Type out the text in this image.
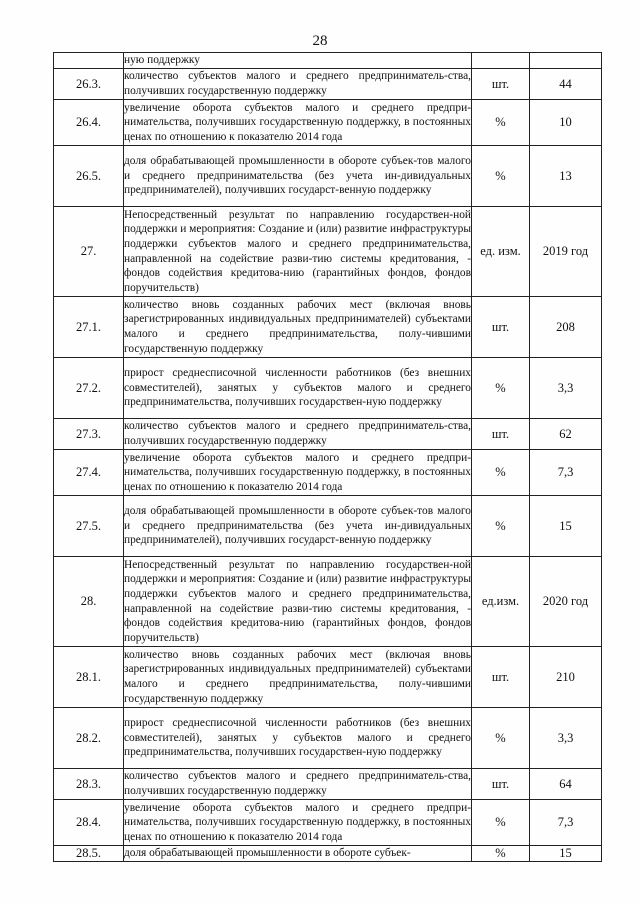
28
	ную поддержку		
26.3.	количество субъектов малого и среднего предприниматель-ства, получивших государственную поддержку	шт.	44
26.4.	увеличение оборота субъектов малого и среднего предпри-нимательства, получивших государственную поддержку, в постоянных ценах по отношению к показателю 2014 года	%	10
26.5.	доля обрабатывающей промышленности в обороте субъек-тов малого и среднего предпринимательства (без учета ин-дивидуальных предпринимателей), получивших государст-венную поддержку	%	13
27.	Непосредственный результат по направлению государствен-ной поддержки и мероприятия: Создание и (или) развитие инфраструктуры поддержки субъектов малого и среднего предпринимательства, направленной на содействие разви-тию системы кредитования, - фондов содействия кредитова-нию (гарантийных фондов, фондов поручительств)	ед. изм.	2019 год
27.1.	количество вновь созданных рабочих мест (включая вновь зарегистрированных индивидуальных предпринимателей) субъектами малого и среднего предпринимательства, полу-чившими государственную поддержку	шт.	208
27.2.	прирост среднесписочной численности работников (без внешних совместителей), занятых у субъектов малого и среднего предпринимательства, получивших государствен-ную поддержку	%	3,3
27.3.	количество субъектов малого и среднего предприниматель-ства, получивших государственную поддержку	шт.	62
27.4.	увеличение оборота субъектов малого и среднего предпри-нимательства, получивших государственную поддержку, в постоянных ценах по отношению к показателю 2014 года	%	7,3
27.5.	доля обрабатывающей промышленности в обороте субъек-тов малого и среднего предпринимательства (без учета ин-дивидуальных предпринимателей), получивших государст-венную поддержку	%	15
28.	Непосредственный результат по направлению государствен-ной поддержки и мероприятия: Создание и (или) развитие инфраструктуры поддержки субъектов малого и среднего предпринимательства, направленной на содействие разви-тию системы кредитования, - фондов содействия кредитова-нию (гарантийных фондов, фондов поручительств)	ед.изм.	2020 год
28.1.	количество вновь созданных рабочих мест (включая вновь зарегистрированных индивидуальных предпринимателей) субъектами малого и среднего предпринимательства, полу-чившими государственную поддержку	шт.	210
28.2.	прирост среднесписочной численности работников (без внешних совместителей), занятых у субъектов малого и среднего предпринимательства, получивших государствен-ную поддержку	%	3,3
28.3.	количество субъектов малого и среднего предприниматель-ства, получивших государственную поддержку	шт.	64
28.4.	увеличение оборота субъектов малого и среднего предпри-нимательства, получивших государственную поддержку, в постоянных ценах по отношению к показателю 2014 года	%	7,3
28.5.	доля обрабатывающей промышленности в обороте субъек-	%	15
